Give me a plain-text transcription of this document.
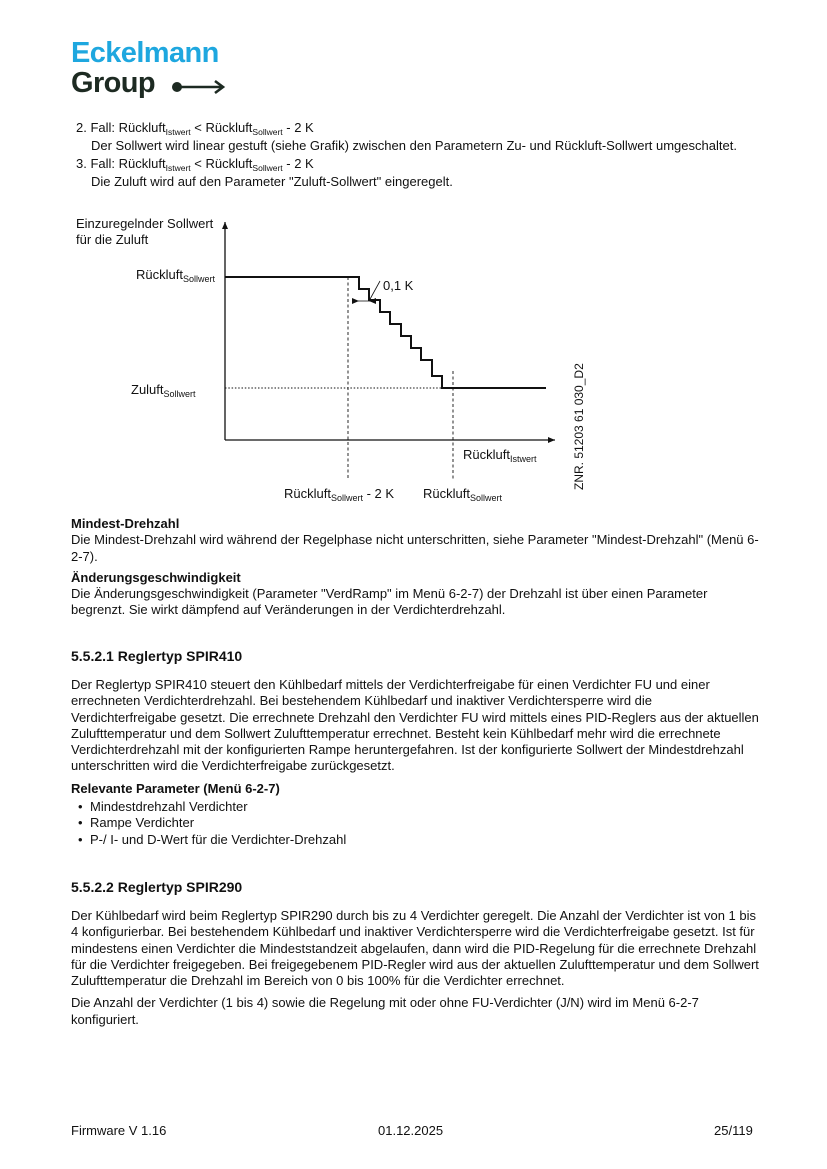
Eckelmann
Group

2. Fall: Rückluft$_{Istwert}$ < Rückluft$_{Sollwert}$ - 2 K

Der Sollwert wird linear gestuft (siehe Grafik) zwischen den Parametern Zu- und Rückluft-Sollwert umgeschaltet.

3. Fall: Rückluft$_{Istwert}$ < Rückluft$_{Sollwert}$ - 2 K

Die Zuluft wird auf den Parameter "Zuluft-Sollwert" eingeregelt.

Einzuregelnder Sollwert
für die Zuluft
Rückluft$_{Sollwert}$
Zuluft$_{Sollwert}$
0,1 K
Rückluft$_{Istwert}$
Rückluft$_{Sollwert}$ - 2 K Rückluft$_{Sollwert}$
ZNR. 51203 61 030_D2

Mindest-Drehzahl

Die Mindest-Drehzahl wird während der Regelphase nicht unterschritten, siehe Parameter "Mindest-Drehzahl" (Menü 6-2-7).

Änderungsgeschwindigkeit

Die Änderungsgeschwindigkeit (Parameter "VerdRamp" im Menü 6-2-7) der Drehzahl ist über einen Parameter begrenzt. Sie wirkt dämpfend auf Veränderungen in der Verdichterdrehzahl.

5.5.2.1 Reglertyp SPIR410

Der Reglertyp SPIR410 steuert den Kühlbedarf mittels der Verdichterfreigabe für einen Verdichter FU und einer errechneten Verdichterdrehzahl. Bei bestehendem Kühlbedarf und inaktiver Verdichtersperre wird die Verdichterfreigabe gesetzt. Die errechnete Drehzahl den Verdichter FU wird mittels eines PID-Reglers aus der aktuellen Zulufttemperatur und dem Sollwert Zulufttemperatur errechnet. Besteht kein Kühlbedarf mehr wird die errechnete Verdichterdrehzahl mit der konfigurierten Rampe heruntergefahren. Ist der konfigurierte Sollwert der Mindestdrehzahl unterschritten wird die Verdichterfreigabe zurückgesetzt.

Relevante Parameter (Menü 6-2-7)

• Mindestdrehzahl Verdichter
• Rampe Verdichter
• P-/ I- und D-Wert für die Verdichter-Drehzahl
5.5.2.2 Reglertyp SPIR290

Der Kühlbedarf wird beim Reglertyp SPIR290 durch bis zu 4 Verdichter geregelt. Die Anzahl der Verdichter ist von 1 bis 4 konfigurierbar. Bei bestehendem Kühlbedarf und inaktiver Verdichtersperre wird die Verdichterfreigabe gesetzt. Ist für mindestens einen Verdichter die Mindeststandzeit abgelaufen, dann wird die PID-Regelung für die errechnete Drehzahl für die Verdichter freigegeben. Bei freigegebenem PID-Regler wird aus der aktuellen Zulufttemperatur und dem Sollwert Zulufttemperatur die Drehzahl im Bereich von 0 bis 100% für die Verdichter errechnet.

Die Anzahl der Verdichter (1 bis 4) sowie die Regelung mit oder ohne FU-Verdichter (J/N) wird im Menü 6-2-7 konfiguriert.

Firmware V 1.16	01.12.2025	25/119
